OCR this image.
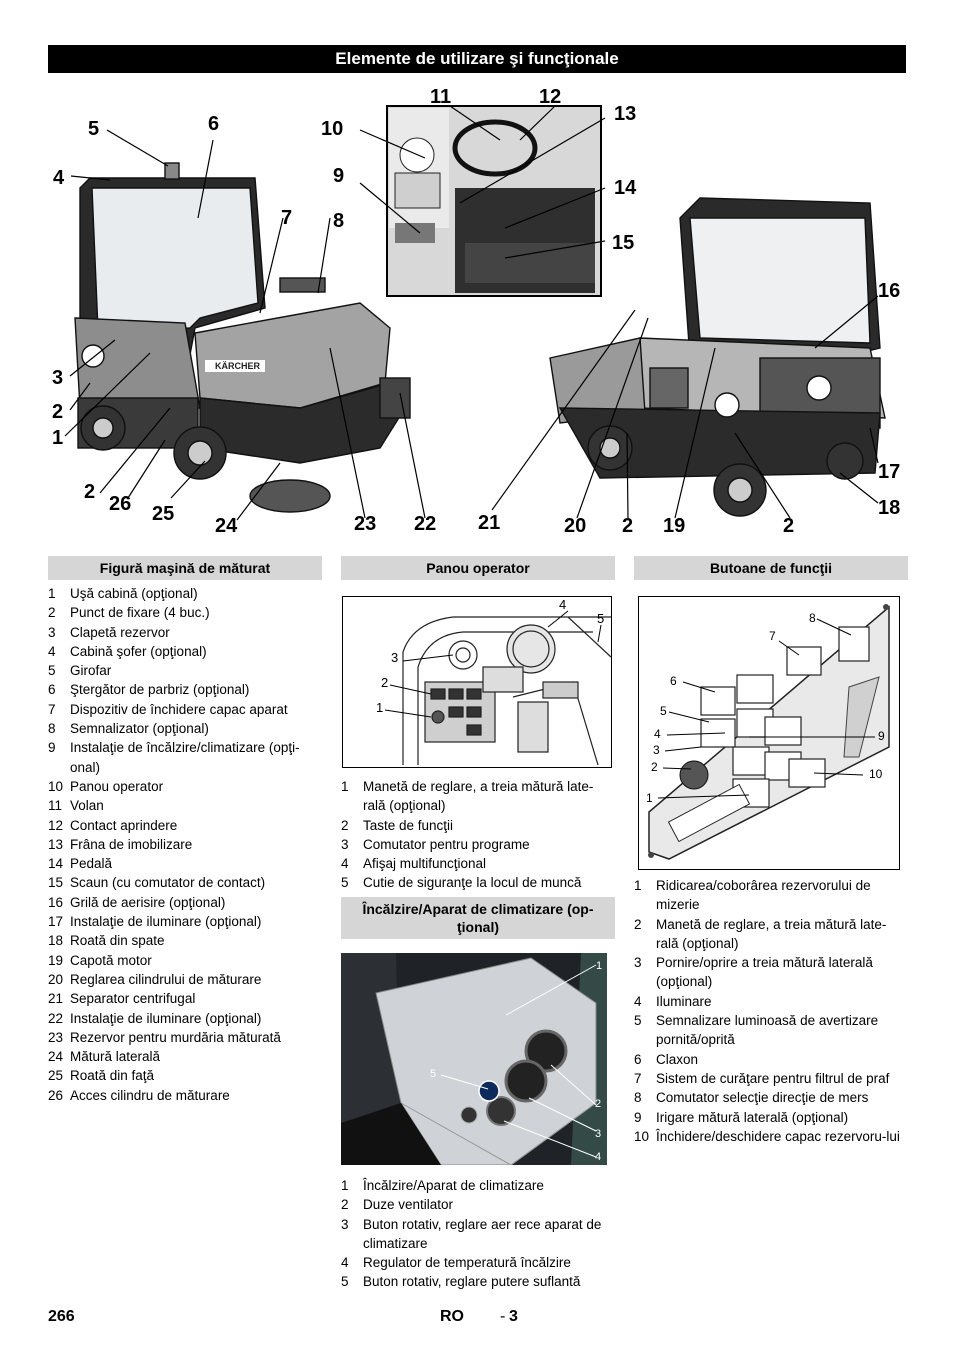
Elemente de utilizare şi funcţionale
KÄRCHER
5	6
4
7
3
2
1
2
26 25
24	23 22 21	20 2 19	2
11	12
13
10
9
8
14
15
16
17
18
Figură maşină de măturat
1	Uşă cabină (opţional)
2	Punct de fixare (4 buc.)
3	Clapetă rezervor
4	Cabină şofer (opţional)
5	Girofar
6	Ştergător de parbriz (opţional)
7	Dispozitiv de închidere capac aparat
8	Semnalizator (opţional)
9	Instalaţie de încălzire/climatizare (opţi-onal)
10 Panou operator
11 Volan
12 Contact aprindere
13 Frâna de imobilizare
14 Pedală
15 Scaun (cu comutator de contact)
16 Grilă de aerisire (opţional)
17 Instalaţie de iluminare (opţional)
18 Roată din spate
19 Capotă motor
20 Reglarea cilindrului de măturare
21 Separator centrifugal
22 Instalaţie de iluminare (opţional)
23 Rezervor pentru murdăria măturată
24 Mătură laterală
25 Roată din faţă
26 Acces cilindru de măturare
Panou operator
4
5
3
2
1
1	Manetă de reglare, a treia mătură late-rală (opţional)
2	Taste de funcţii
3	Comutator pentru programe
4	Afişaj multifuncţional
5	Cutie de siguranţe la locul de muncă
Încălzire/Aparat de climatizare (op-ţional)
1
5
2
3
4
1	Încălzire/Aparat de climatizare
2	Duze ventilator
3	Buton rotativ, reglare aer rece aparat de climatizare
4	Regulator de temperatură încălzire
5	Buton rotativ, reglare putere suflantă
Butoane de funcţii
8
7
6
5
4
3
2
1
9
10
1	Ridicarea/coborârea rezervorului de mizerie
2	Manetă de reglare, a treia mătură late-rală (opţional)
3	Pornire/oprire a treia mătură laterală (opţional)
4	Iluminare
5	Semnalizare luminoasă de avertizare pornită/oprită
6	Claxon
7	Sistem de curăţare pentru filtrul de praf
8	Comutator selecţie direcţie de mers
9	Irigare mătură laterală (opţional)
10 Închidere/deschidere capac rezervoru-lui
266	RO - 3
